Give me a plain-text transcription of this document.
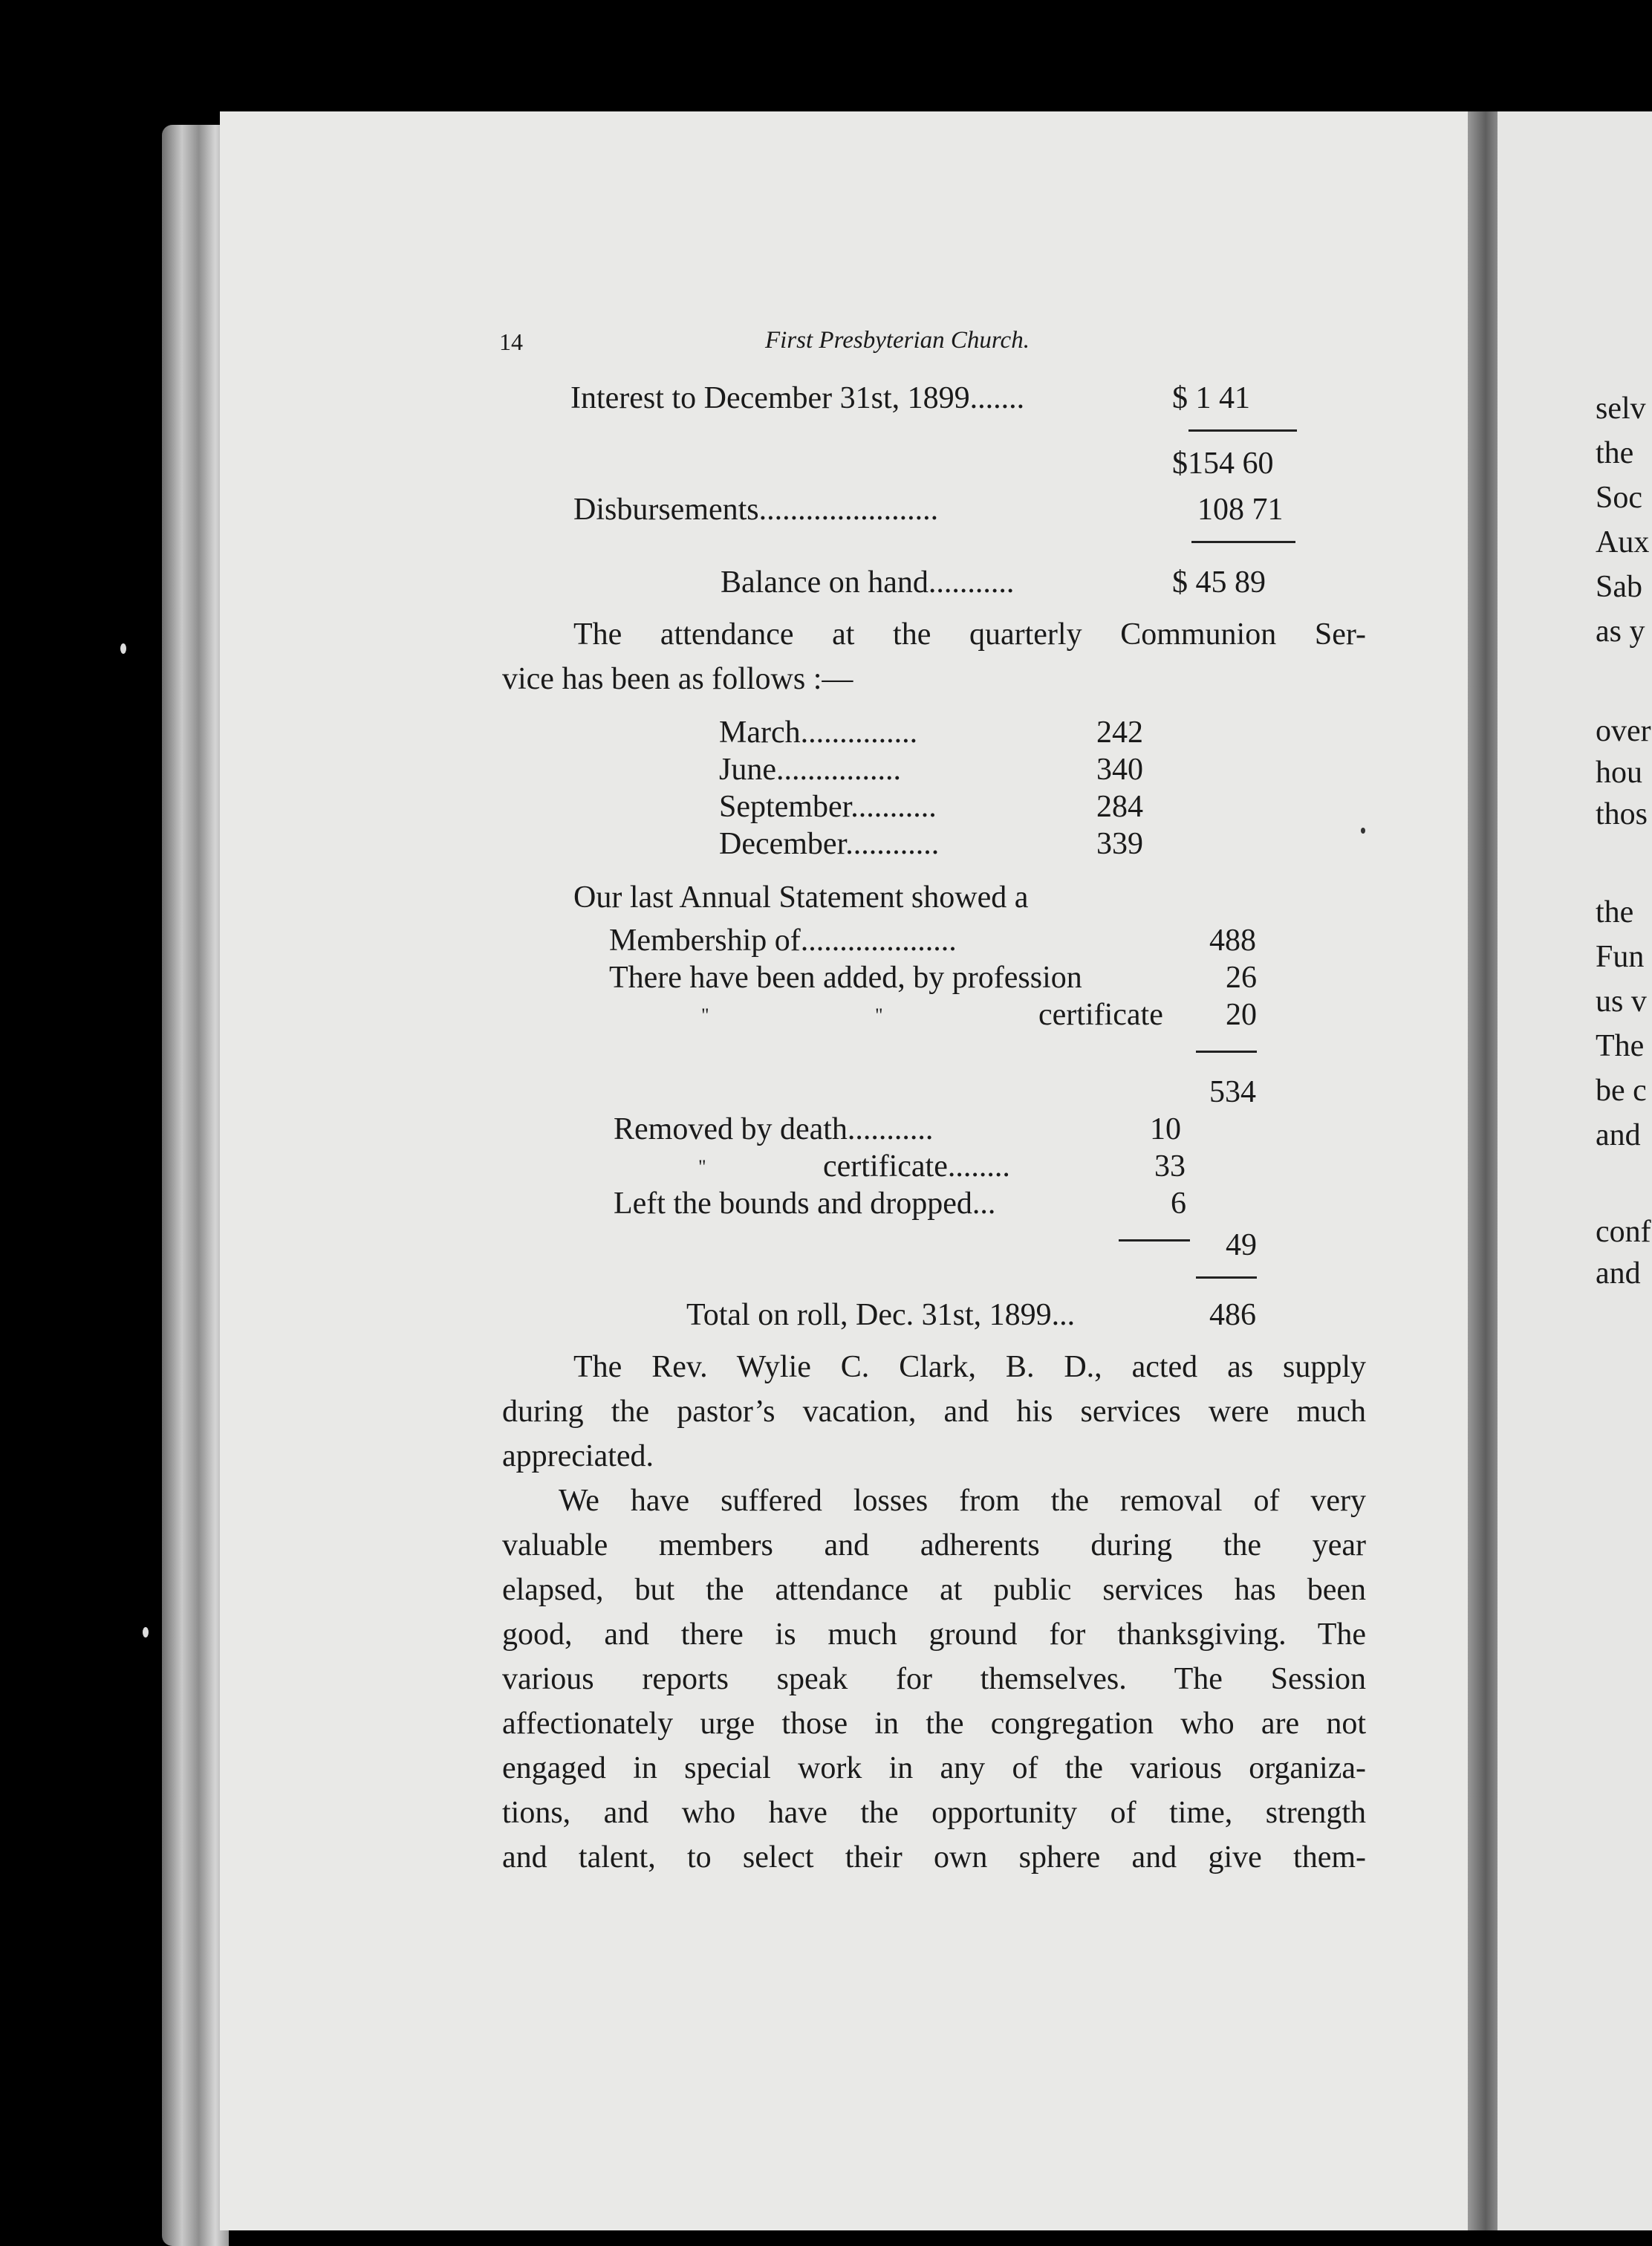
14	First Presbyterian Church.
Interest to December 31st, 1899.......	$ 1 41
$154 60
Disbursements.......................	108 71
Balance on hand...........	$ 45 89
The attendance at the quarterly Communion Ser-
vice has been as follows :—
March...............	242
June................	340
September...........	284
December............	339
Our last Annual Statement showed a
Membership of....................	488
There have been added, by profession	26
"	"	certificate 20
534
Removed by death...........	10
"	certificate........	33
Left the bounds and dropped...	6
49
Total on roll, Dec. 31st, 1899...	486
The Rev. Wylie C. Clark, B. D., acted as supply
during the pastor’s vacation, and his services were much
appreciated.
We have suffered losses from the removal of very
valuable members and adherents during the year
elapsed, but the attendance at public services has been
good, and there is much ground for thanksgiving. The
various reports speak for themselves. The Session
affectionately urge those in the congregation who are not
engaged in special work in any of the various organiza-
tions, and who have the opportunity of time, strength
and talent, to select their own sphere and give them-
selv
the
Soc
Aux
Sab
as y
over
hou
thos
the
Fun
us v
The
be c
and
conf
and
